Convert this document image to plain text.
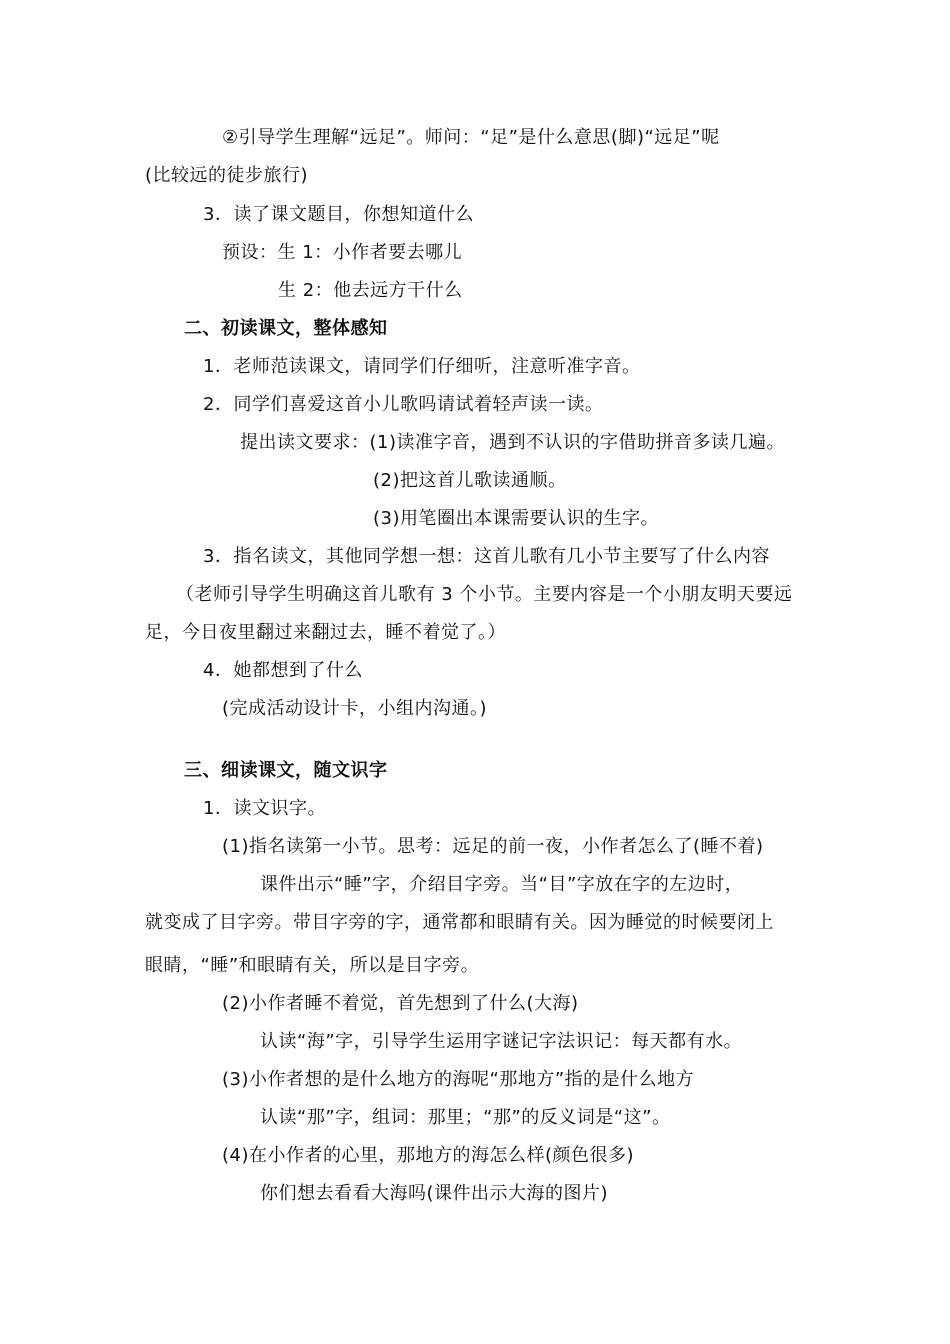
②引导学生理解“远足”。师问：“足”是什么意思(脚)“远足”呢
(比较远的徒步旅行)
3．读了课文题目，你想知道什么
预设：生 1：小作者要去哪儿
生 2：他去远方干什么
二、初读课文，整体感知
1．老师范读课文，请同学们仔细听，注意听准字音。
2．同学们喜爱这首小儿歌吗请试着轻声读一读。
提出读文要求：(1)读准字音，遇到不认识的字借助拼音多读几遍。
(2)把这首儿歌读通顺。
(3)用笔圈出本课需要认识的生字。
3．指名读文，其他同学想一想：这首儿歌有几小节主要写了什么内容
（老师引导学生明确这首儿歌有 3 个小节。主要内容是一个小朋友明天要远
足，今日夜里翻过来翻过去，睡不着觉了。）
4．她都想到了什么
(完成活动设计卡，小组内沟通。)
三、细读课文，随文识字
1．读文识字。
(1)指名读第一小节。思考：远足的前一夜，小作者怎么了(睡不着)
课件出示“睡”字，介绍目字旁。当“目”字放在字的左边时，
就变成了目字旁。带目字旁的字，通常都和眼睛有关。因为睡觉的时候要闭上
眼睛，“睡”和眼睛有关，所以是目字旁。
(2)小作者睡不着觉，首先想到了什么(大海)
认读“海”字，引导学生运用字谜记字法识记：每天都有水。
(3)小作者想的是什么地方的海呢“那地方”指的是什么地方
认读“那”字，组词：那里；“那”的反义词是“这”。
(4)在小作者的心里，那地方的海怎么样(颜色很多)
你们想去看看大海吗(课件出示大海的图片)
